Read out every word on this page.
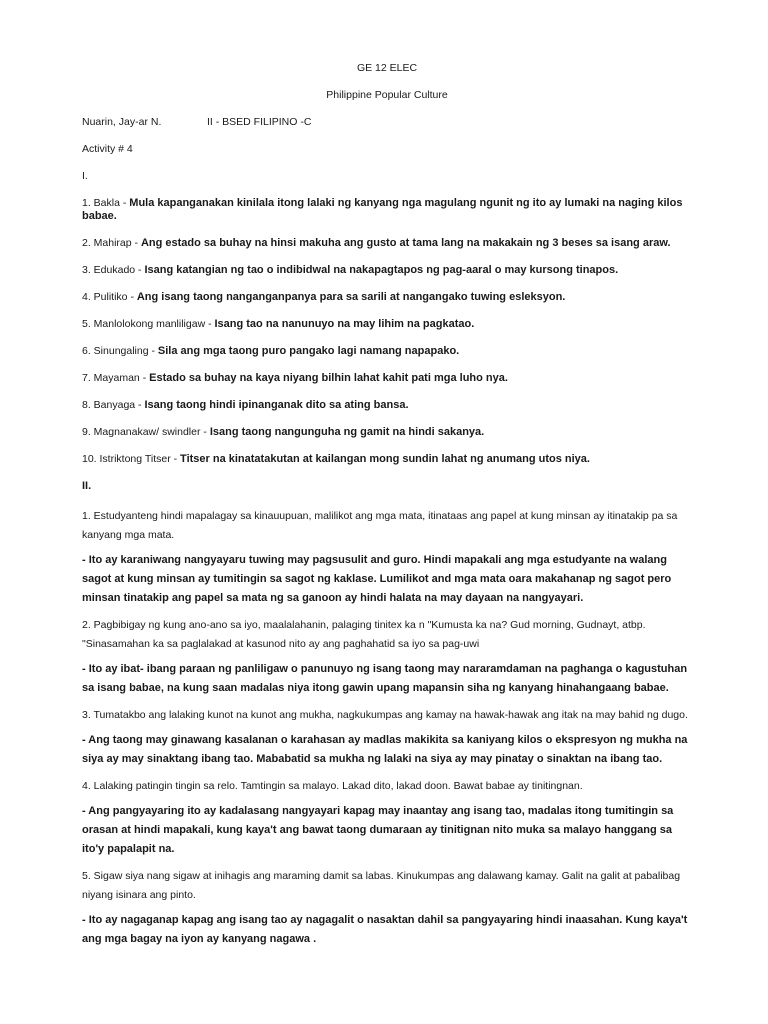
GE 12 ELEC
Philippine Popular Culture
Nuarin, Jay-ar N.	II - BSED FILIPINO -C
Activity # 4
I.
1. Bakla - Mula kapanganakan kinilala itong lalaki ng kanyang nga magulang ngunit ng ito ay lumaki na naging kilos babae.
2. Mahirap - Ang estado sa buhay na hinsi makuha ang gusto at tama lang na makakain ng 3 beses sa isang araw.
3. Edukado - Isang katangian ng tao o indibidwal na nakapagtapos ng pag-aaral o may kursong tinapos.
4. Pulitiko - Ang isang taong nanganganpanya para sa sarili at nangangako tuwing esleksyon.
5. Manlolokong manliligaw - Isang tao na nanunuyo na may lihim na pagkatao.
6. Sinungaling - Sila ang mga taong puro pangako lagi namang napapako.
7. Mayaman - Estado sa buhay na kaya niyang bilhin lahat kahit pati mga luho nya.
8. Banyaga - Isang taong hindi ipinanganak dito sa ating bansa.
9. Magnanakaw/ swindler - Isang taong nangunguha ng gamit na hindi sakanya.
10. Istriktong Titser - Titser na kinatatakutan at kailangan mong sundin lahat ng anumang utos niya.
II.
1. Estudyanteng hindi mapalagay sa kinauupuan, malilikot ang mga mata, itinataas ang papel at kung minsan ay itinatakip pa sa kanyang mga mata.
- Ito ay karaniwang nangyayaru tuwing may pagsusulit and guro. Hindi mapakali ang mga estudyante na walang sagot at kung minsan ay tumitingin sa sagot ng kaklase. Lumilikot and mga mata oara makahanap ng sagot pero minsan tinatakip ang papel sa mata ng sa ganoon ay hindi halata na may dayaan na nangyayari.
2. Pagbibigay ng kung ano-ano sa iyo, maalalahanin, palaging tinitex ka n "Kumusta ka na? Gud morning, Gudnayt, atbp. "Sinasamahan ka sa paglalakad at kasunod nito ay ang paghahatid sa iyo sa pag-uwi
- Ito ay ibat- ibang paraan ng panliligaw o panunuyo ng isang taong may nararamdaman na paghanga o kagustuhan sa isang babae, na kung saan madalas niya itong gawin upang mapansin siha ng kanyang hinahangaang babae.
3. Tumatakbo ang lalaking kunot na kunot ang mukha, nagkukumpas ang kamay na hawak-hawak ang itak na may bahid ng dugo.
- Ang taong may ginawang kasalanan o karahasan ay madlas makikita sa kaniyang kilos o ekspresyon ng mukha na siya ay may sinaktang ibang tao. Mababatid sa mukha ng lalaki na siya ay may pinatay o sinaktan na ibang tao.
4. Lalaking patingin tingin sa relo. Tamtingin sa malayo. Lakad dito, lakad doon. Bawat babae ay tinitingnan.
- Ang pangyayaring ito ay kadalasang nangyayari kapag may inaantay ang isang tao, madalas itong tumitingin sa orasan at hindi mapakali, kung kaya't ang bawat taong dumaraan ay tinitignan nito muka sa malayo hanggang sa ito'y papalapit na.
5. Sigaw siya nang sigaw at inihagis ang maraming damit sa labas. Kinukumpas ang dalawang kamay. Galit na galit at pabalibag niyang isinara ang pinto.
- Ito ay nagaganap kapag ang isang tao ay nagagalit o nasaktan dahil sa pangyayaring hindi inaasahan. Kung kaya't ang mga bagay na iyon ay kanyang nagawa .
